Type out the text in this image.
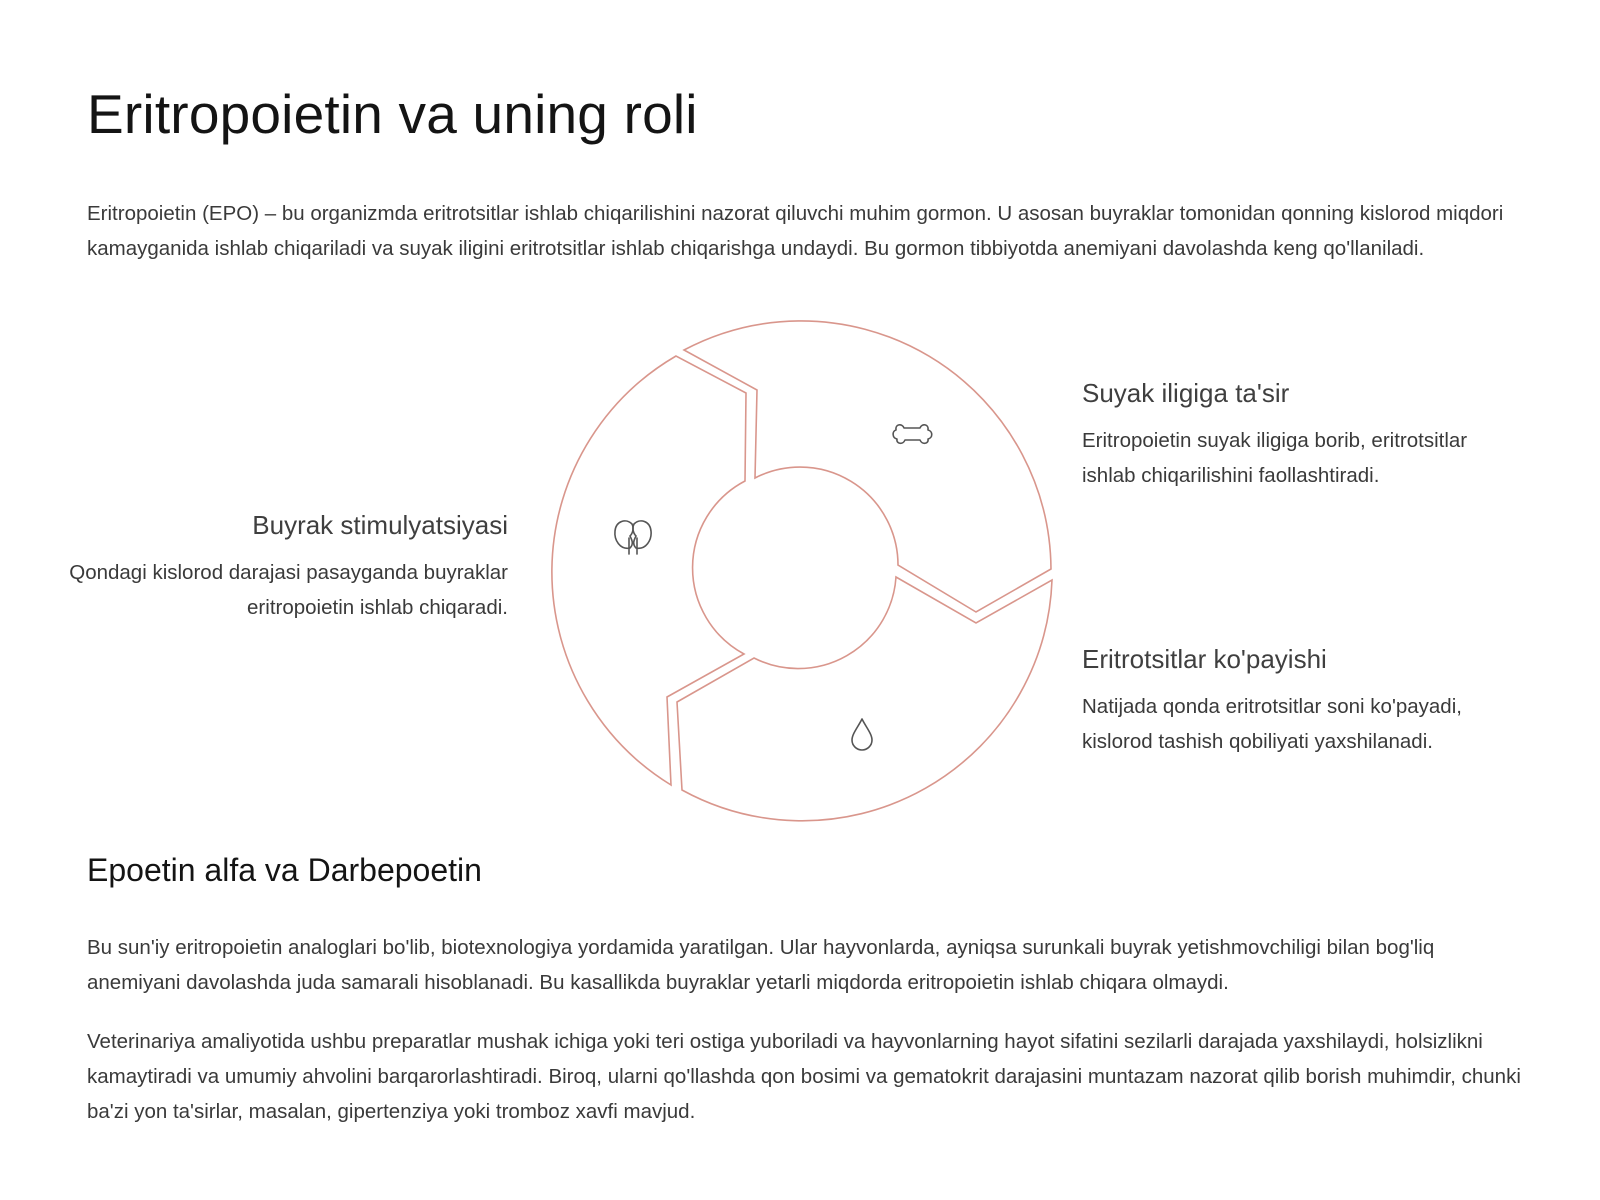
Eritropoietin va uning roli

Eritropoietin (EPO) – bu organizmda eritrotsitlar ishlab chiqarilishini nazorat qiluvchi muhim gormon. U asosan buyraklar tomonidan qonning kislorod miqdori kamayganida ishlab chiqariladi va suyak iligini eritrotsitlar ishlab chiqarishga undaydi. Bu gormon tibbiyotda anemiyani davolashda keng qo'llaniladi.

Buyrak stimulyatsiyasi

Qondagi kislorod darajasi pasayganda buyraklar eritropoietin ishlab chiqaradi.

Suyak iligiga ta'sir

Eritropoietin suyak iligiga borib, eritrotsitlar ishlab chiqarilishini faollashtiradi.

Eritrotsitlar ko'payishi

Natijada qonda eritrotsitlar soni ko'payadi, kislorod tashish qobiliyati yaxshilanadi.

Epoetin alfa va Darbepoetin

Bu sun'iy eritropoietin analoglari bo'lib, biotexnologiya yordamida yaratilgan. Ular hayvonlarda, ayniqsa surunkali buyrak yetishmovchiligi bilan bog'liq anemiyani davolashda juda samarali hisoblanadi. Bu kasallikda buyraklar yetarli miqdorda eritropoietin ishlab chiqara olmaydi.

Veterinariya amaliyotida ushbu preparatlar mushak ichiga yoki teri ostiga yuboriladi va hayvonlarning hayot sifatini sezilarli darajada yaxshilaydi, holsizlikni kamaytiradi va umumiy ahvolini barqarorlashtiradi. Biroq, ularni qo'llashda qon bosimi va gematokrit darajasini muntazam nazorat qilib borish muhimdir, chunki ba'zi yon ta'sirlar, masalan, gipertenziya yoki tromboz xavfi mavjud.
